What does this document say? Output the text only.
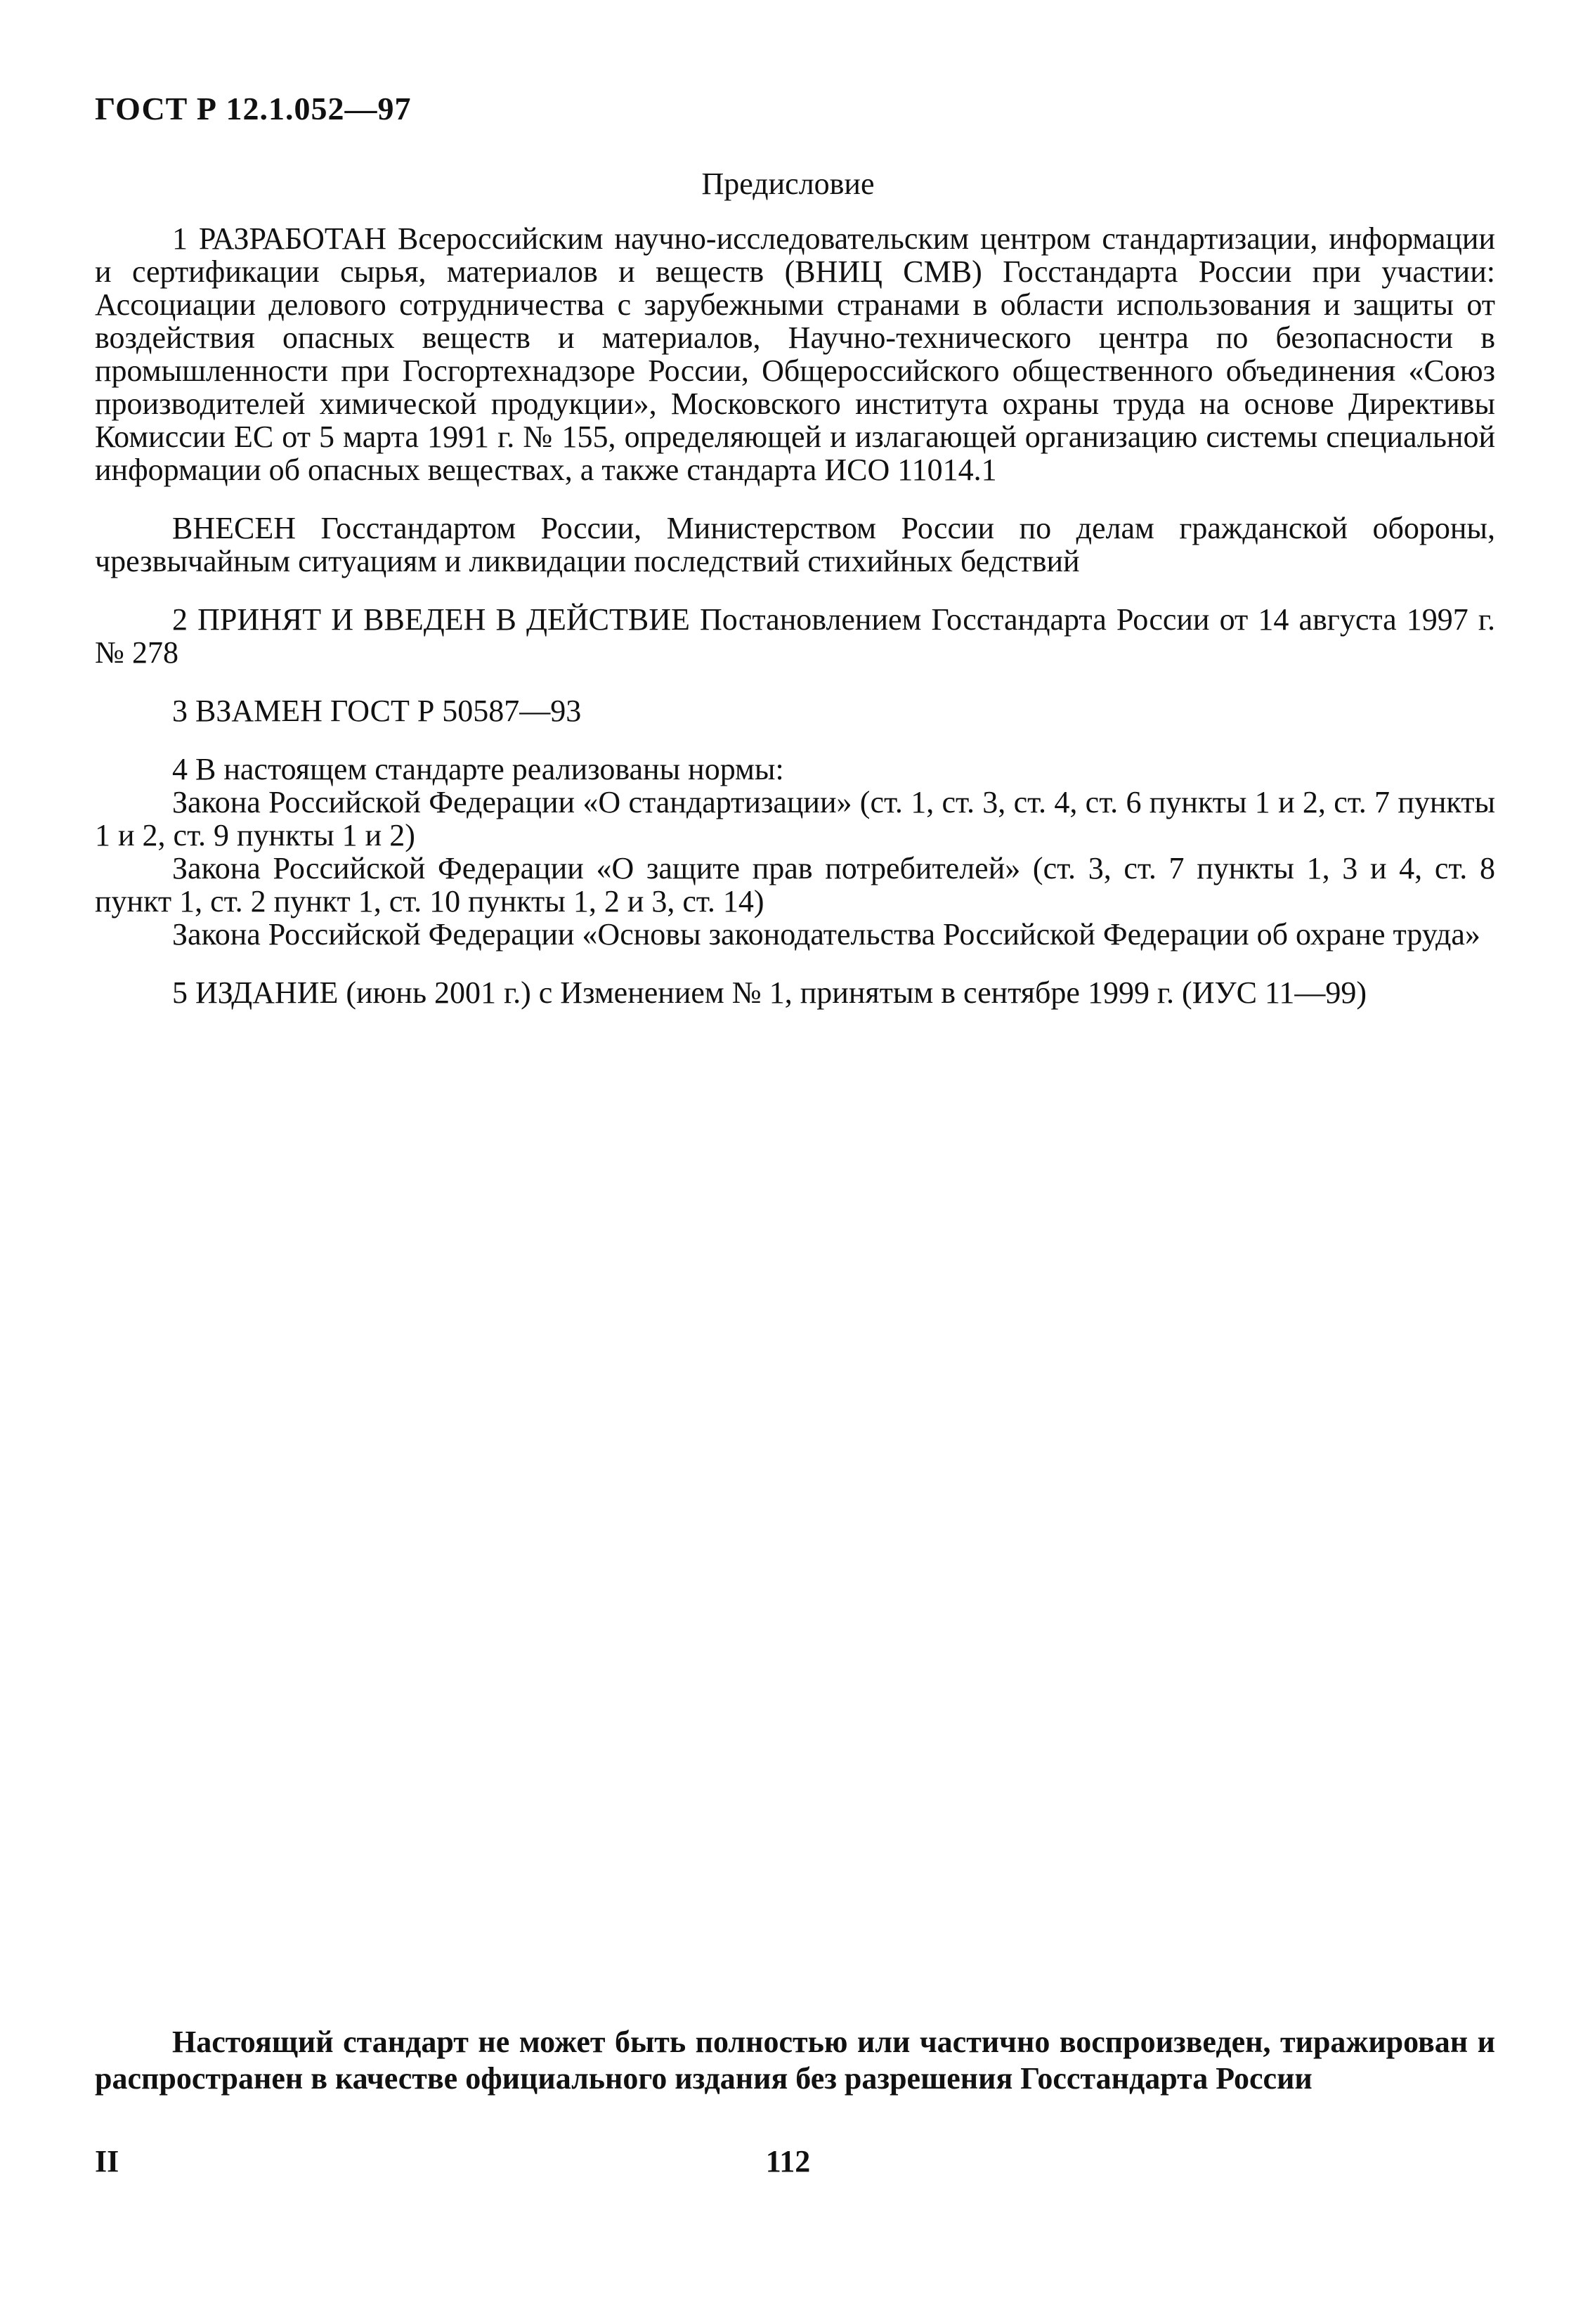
ГОСТ Р 12.1.052—97
Предисловие

1 РАЗРАБОТАН Всероссийским научно-исследовательским центром стандартизации, информации и сертификации сырья, материалов и веществ (ВНИЦ СМВ) Госстандарта России при участии: Ассоциации делового сотрудничества с зарубежными странами в области использования и защиты от воздействия опасных веществ и материалов, Научно-технического центра по безопасности в промышленности при Госгортехнадзоре России, Общероссийского общественного объединения «Союз производителей химической продукции», Московского института охраны труда на основе Директивы Комиссии ЕС от 5 марта 1991 г. № 155, определяющей и излагающей организацию системы специальной информации об опасных веществах, а также стандарта ИСО 11014.1

ВНЕСЕН Госстандартом России, Министерством России по делам гражданской обороны, чрезвычайным ситуациям и ликвидации последствий стихийных бедствий

2 ПРИНЯТ И ВВЕДЕН В ДЕЙСТВИЕ Постановлением Госстандарта России от 14 августа 1997 г. № 278

3 ВЗАМЕН ГОСТ Р 50587—93

4 В настоящем стандарте реализованы нормы:

Закона Российской Федерации «О стандартизации» (ст. 1, ст. 3, ст. 4, ст. 6 пункты 1 и 2, ст. 7 пункты 1 и 2, ст. 9 пункты 1 и 2)

Закона Российской Федерации «О защите прав потребителей» (ст. 3, ст. 7 пункты 1, 3 и 4, ст. 8 пункт 1, ст. 2 пункт 1, ст. 10 пункты 1, 2 и 3, ст. 14)

Закона Российской Федерации «Основы законодательства Российской Федерации об охране труда»

5 ИЗДАНИЕ (июнь 2001 г.) с Изменением № 1, принятым в сентябре 1999 г. (ИУС 11—99)

Настоящий стандарт не может быть полностью или частично воспроизведен, тиражирован и распространен в качестве официального издания без разрешения Госстандарта России

II	112
